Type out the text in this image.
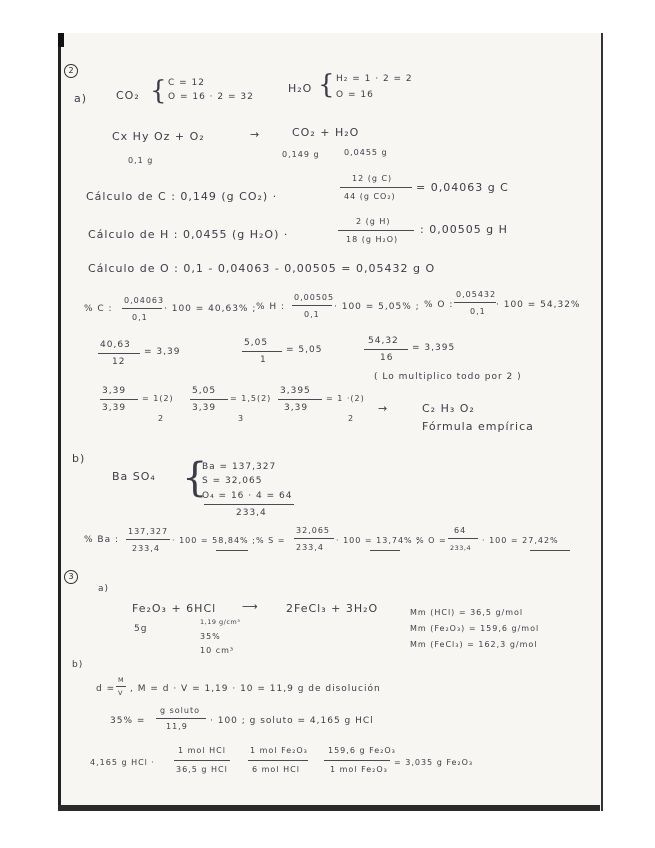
2
a)	CO₂ { C = 12
O = 16 · 2 = 32
H₂O { H₂ = 1 · 2 = 2
O = 16
Cx Hy Oz + O₂	→	CO₂ + H₂O
0,1 g
0,149 g	0,0455 g
Cálculo de C : 0,149 (g CO₂) ·
12 (g C)
44 (g CO₂)
= 0,04063 g C
Cálculo de H : 0,0455 (g H₂O) ·
2 (g H)
18 (g H₂O)
: 0,00505 g H
Cálculo de O : 0,1 - 0,04063 - 0,00505 = 0,05432 g O
% C :
0,04063
0,1
· 100 = 40,63% ; % H :
0,00505
0,1
· 100 = 5,05% ; % O :
0,05432
0,1
· 100 = 54,32%
40,63
12
= 3,39
5,05
1
= 5,05
54,32
16
= 3,395
( Lo multiplico todo por 2 )
3,39
3,39
= 1(2)
2
5,05
3,39
= 1,5(2)
3
3,395
3,39
= 1 ·(2)
2
→	C₂ H₃ O₂
Fórmula empírica
b)
Ba SO₄ {
Ba = 137,327
S = 32,065
O₄ = 16 · 4 = 64
233,4
% Ba :
137,327
233,4
· 100 = 58,84% ; % S =
32,065
233,4
· 100 = 13,74% ;
% O =
64
233,4
· 100 = 27,42%
3
a)
Fe₂O₃ + 6HCl ⟶ 2FeCl₃ + 3H₂O
5g
1,19 g/cm³
35%
10 cm³
Mm (HCl) = 36,5 g/mol
Mm (Fe₂O₃) = 159,6 g/mol
Mm (FeCl₃) = 162,3 g/mol
b)
d =
M
V , M = d · V = 1,19 · 10 = 11,9 g de disolución
35% =
g soluto
11,9
· 100 ; g soluto = 4,165 g HCl
4,165 g HCl ·
1 mol HCl
36,5 g HCl
1 mol Fe₂O₃
6 mol HCl
159,6 g Fe₂O₃
1 mol Fe₂O₃
= 3,035 g Fe₂O₃
